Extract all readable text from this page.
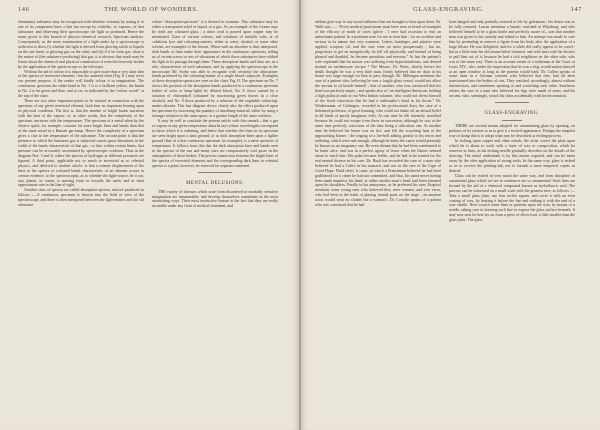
146	THE WORLD OF WONDERS.

elementary substance may be recognised with absolute certainty by noting if or one of its component lines a line has except by volatiles, or vapours, of that substance, and observing their spectroscope the light so produced. Hence the name given to this branch of physico-chemical research, Spectrum analysis. Consequently, as the mere examination of a light under by a spectroscope is sufficient to show (i) whether the light is derived from glowing solids or liquids on the one hand, or glowing gas on the other, and (ii) if it be from gas, what is the nature of (the substance producing) that gas, it is obvious that much may be learnt about the chemical and physical constitution of even the heavenly bodies by the application of the spectroscope to the telescope.

Without the aid of colour it is impossible to give more than a very faint idea of the spectra of terrestrial elements ; but the annexed chart (Fig. II.) may serve our present purpose, if the reader will kindly colour it in imagination. The continuous spectrum the white band in No. 1 is to a brilliant yellow, the bands in No. 2 to be green and blue, and so on, as indicated by the “colour words” at the top of the chart.

There are two other important points to be noticed in connection with the spectrum of any given terrestrial element, both bear an important bearing upon its physical condition. The first is, that the number of bright bands increases with the heat of the vapour, or, in other words, that the complexity of the spectrum increases with the temperature. The spectrum of a metal taken by the electric spark, for example, contains far more bright lines and bands than that of the same metal in a Bunsen gas-lamp. Hence the complexity of a spectrum gives a clue to the temperature of the substance. The second point is that the presence to which the luminous gas is subjected causes great alterations in the width of the bands characteristic of that gas ; so that, within certain limits, that pressure can be accurately ascertained by spectroscopic evidence. Thus in the diagram Nos. 3 and 6, where the spectra of hydrogen at different pressures are figured. A third point, applicable not so much to terrestrial as to celestial physics, and deferred to another article, is that a minute displacement of the lines in the spectra of coloured bands characteristic of an element occurs in certain evidence, to the spectroscopist, as to whether the light-source, be it our, sun, planet, or comet, is moving from or towards the earth, and at what approximate rate in the line of sight.

Another class of spectra are called absorption-spectra, and are produced as follows :—A continuous spectrum is thrown into the field of view of the spectroscope, and there is then interposed between the light-emitter and the slit substance

whose “absorption-spectrum” it is desired to examine. This substance may be either a transparent solid or liquid, or a gas. As an example of the former may be cited any coloured glass ; a nitric acid is poured upon copper may be mentioned. Glass of various colours, and solutions of metallic salts, or of cobaltous fyes and colouring-matters, either in water, alcohol, or some other solvent, are examples of the former. When such an absorber is thus interposed, dark bands or lines make their appearance in the continuous spectrum, telling us of certain waves or sets of vibrations of which those substances have robbed the light in its passage through them. These absorption-bands and lines are, as a rule, characteristic of each substance, and by applying the spectroscope to the microscope Mr. Sorby was able to recognise with certainty the absorption-bands produced by the colouring-matter of a single blood corpuscle. Examples of these absorption-spectra are seen on the chart, Fig. II. The spectrum on No. 7 shows the position of the absorption-bands produced in a continuous spectrum (either of solar or lamp-light) by diluted blood, No. 8, those caused by a solution of chlorophyll (obtained by macerating green leaves in a clear alcohol), and No. 9 those produced by a solution of the vegetable colouring-matter alizarin. This last diagram shows clearly also the effect produced upon the spectrum by increasing the quantity of absorbing-material, either by using a stronger solution in the same space, or a greater length of the same solution.

It may be well to conclude the present article with this remark—that a gas or vapour at any given temperature absorbs rays whose wavelengths correspond to those which it is radiating, and hence that whether the lines in its spectrum are seen bright upon a dark ground, or as dark absorption-lines upon a lighter ground (that of a that continuous spectrum for example), is a mere question of temperature. It follows from this that the dark absorption lines and bands seen in the spectra of the sun and many stars are comparatively cool gases in the atmospheres of those bodies. The precise connection between the bright lines of the spectra of terrestrial elements and the corresponding dark lines in celestial spectra is a point, however, be reserved for separate treatment.

MENTAL DELUSIONS.

THE variety of diseases which arise from disordered or morbidly sensitive imagination are innumerable, and develop themselves sometimes in the most astonishing ways. Their most instructive feature is the fact that they are really incurable under any form of medical treatment, and

GLASS-ENGRAVING.	147

seldom give way to any moral influence that are brought to bear upon them. Dr. Wahl says :— “Every medical practitioner must have seen or heard of examples of the efficacy of mode of cures (glove ; I once had occasion to visit an unfortunate patient. In a pertinent note for me to treat him ; for an accident and serious in its nature, but very common. Letters, bandages, and plasters were applied, scorpion oil, and the case went on most prosperously ; but no, proprietors to get on energetically, he fell off physically, and instead of being pleased and thankful, he became querulous and nervous.” At last the patient’s wife explained that his master was suffering from hypochondriasis, and desired instead an earthenware tea-pot ! The Messrs. Dr. Warts, shortly before his death, thought he was a very little man, firmly believed that no door in his house was large enough for him to pass through. Dr. Millengen mentions the case of a patient who, believing he was a fragile glass vessel, would not allow the servant to sit beside himself ; that of another, who was convinced that his head was perfectly empty ; and speaks also of “an intelligent American, holding a high political rank in our West Indian colonies, who could not divest himself of the fixed conviction that he had a rattlesnake’s head in his throat.” Dr. Winkermann, of Göttingen, recorded in his professional diary the case of a deformed professor, of great learning, who could not shake off an absurd belief in all kinds of purely imaginary evils. At one time he felt intensely wretched because he could not escape from these in succession, although he was at the same time perfectly conscious of the idea being a ridiculous one. At another time he believed his house was on fire, and felt the scorching heat of the approaching flames ; the ringing of a fire-bell adding greatly to his terror and suffering, which were real enough, although he knew the cause would presently be known as an imaginary one. He even dreamt that he had been condemned to be burnt alive, and was in a perfect agony of terror when the flames seemed about to reach him. His pulse became feeble, and he had to be treated for the real mental disease in his case. Dr. Bush has recorded the case of a man who believed he had a Caffre in his stomach, and was in the care of the Cape of Good Hope. Fluid relief, it came, in which a Frenchman believed he had been guillotined for a crime he had not committed, and thus, his mind never having been made manifest, his head, or rather another man’s head, had been fastened upon his shoulders. Finally to his annoyance, as he preferred his own. Esquirol mentions some young men who believed they were women, and vice versa, who had been in the habit of playing female parts on the stage ; an amateur actor, would wear no clothes but a woman’s. Dr. Conolly speaks of a patient who was convinced that he had

been hanged and only partially restored to life by galvanism ; his desire was to be fully restored. Lascin mentions a lunatic confined at Würzburg, and who believed himself to be a glass bottle and perfectly aware of—was that another man was given to his custody and talked to him. An attempt was made to cure him by pretending to remove a figure from his body after the application of a large blister. He was delighted, and for a while did really appear to be cured ; but in a little time his old insane belief returned, and with tears told the doctors to pull him out of it, because he had a sick neighbour on the other side, who was in the same way. There is an account extant of a nobleman at the Court of Louis XIV., who, under the impression that he was a dog, would station himself at an open window as long as the parents would bark. Dr. Cullen speaks of some nuns in a German convent who believed that they had all been transformed into the bodies of cats. They watched, accordingly, almost without intermission, and sometimes sporting at and scratching each other. Southerns relates the case of a man who believed his legs were made of straw, and his servant, who, seemingly, struck his shins accidentally with her broomstick.

GLASS-ENGRAVING.

THERE are several means adopted for ornamenting glass by opening, on portions of its surface so as to give it a frosted appearance. Perhaps the simplest way of doing this is to adopt what may be described as etching-process.

In etching upon copper and other metals, the artist covers the plate upon which he is about to work with a layer of wax or composition, which he removes in lines, as his etching-needle gradually describes on the details of the drawing. The metal underneath is by this means exposed, and can be eaten away by the after application of strong acids. In the same way, glass is etched so as to receive the printing-ink, not to furnish a more tempered copies as desired.

Glass can be etched in very much the same way, and from discipline of ornamental glass which we see in commerce are so ornamented. Such lines are formed by the aid of a chemical compound known as hydrofluoric acid. The process can be witnessed on a small scale with the greatest ease, as follows :—Take a small glass plate, say four inches square, and cover it with an even coating of wax, by heating it before the fire and rubbing it with the end of a wax candle. Next scratch some lines or patterns upon the wax, by means of a needle, taking care in drawing each line to expose the glass surface beneath. It may now now be best lay on from a piece of sliver lead, a little smaller than the glass plate. The glass
